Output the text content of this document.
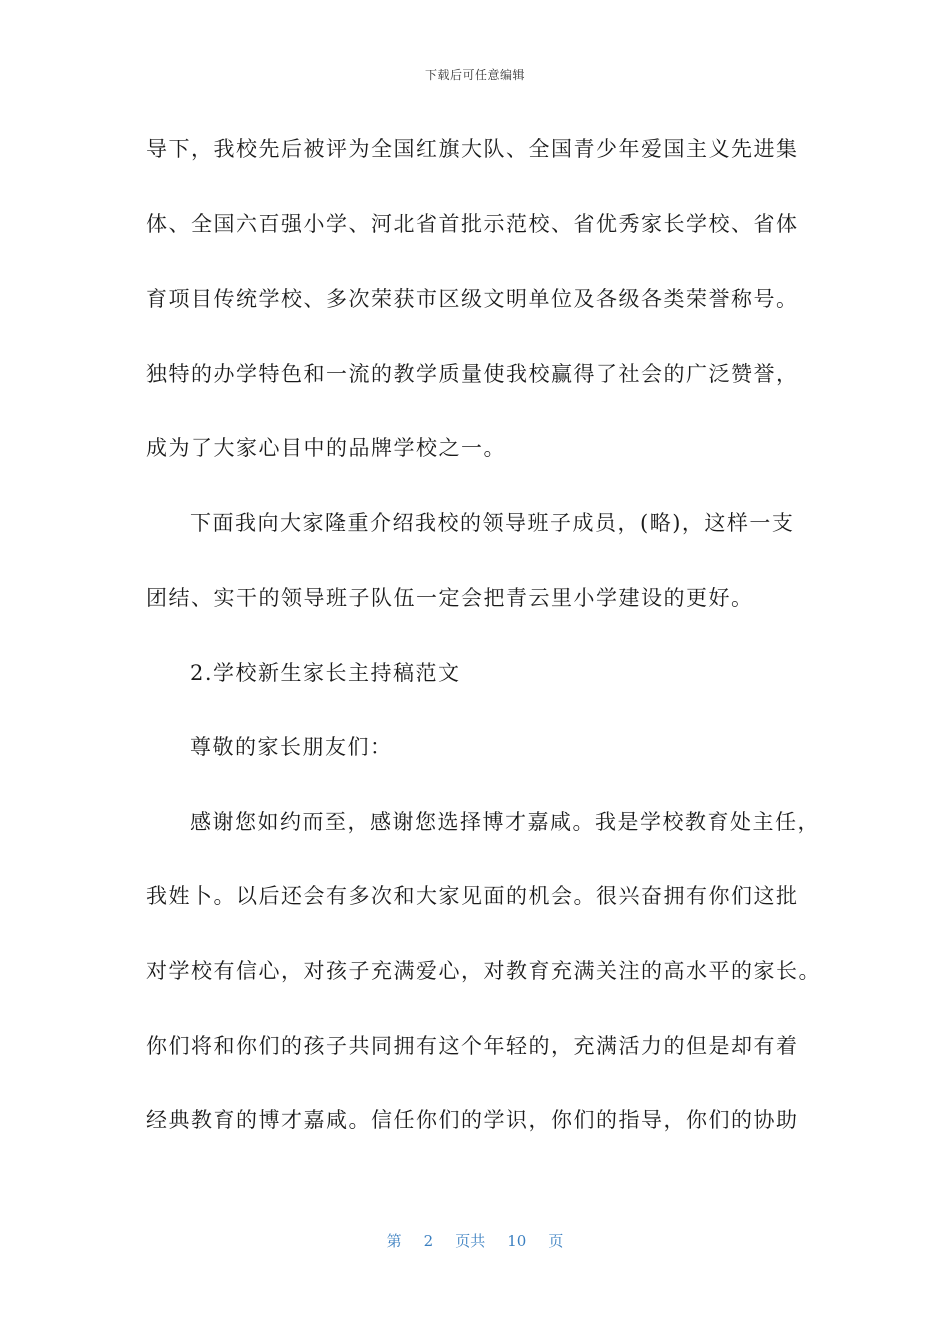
下载后可任意编辑
导下，我校先后被评为全国红旗大队、全国青少年爱国主义先进集
体、全国六百强小学、河北省首批示范校、省优秀家长学校、省体
育项目传统学校、多次荣获市区级文明单位及各级各类荣誉称号。
独特的办学特色和一流的教学质量使我校赢得了社会的广泛赞誉，
成为了大家心目中的品牌学校之一。
下面我向大家隆重介绍我校的领导班子成员，(略)，这样一支
团结、实干的领导班子队伍一定会把青云里小学建设的更好。
2.学校新生家长主持稿范文
尊敬的家长朋友们：
感谢您如约而至，感谢您选择博才嘉咸。我是学校教育处主任，
我姓卜。以后还会有多次和大家见面的机会。很兴奋拥有你们这批
对学校有信心，对孩子充满爱心，对教育充满关注的高水平的家长。
你们将和你们的孩子共同拥有这个年轻的，充满活力的但是却有着
经典教育的博才嘉咸。信任你们的学识，你们的指导，你们的协助
第 2 页共 10 页
